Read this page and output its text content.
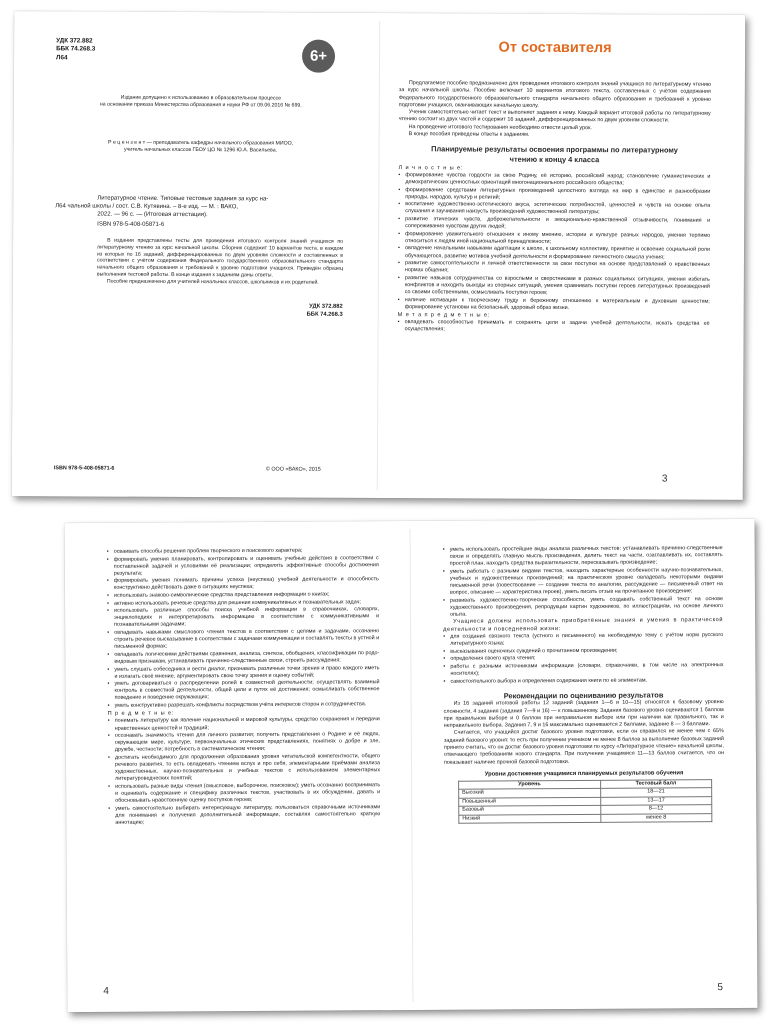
УДК 372.882
ББК 74.268.3
Л64	6+
Издание допущено к использованию в образовательном процессе
на основании приказа Министерства образования и науки РФ от 09.06.2016 № 699.
Р е ц е н з е н т — преподаватель кафедры начального образования МИОО,
учитель начальных классов ГБОУ ЦО № 1296 Ю.А. Васильева.
Литературное чтение. Типовые тестовые задания за курс на-
Л64 чальной школы / сост. С.В. Кутявина. – 8-е изд. — М. : ВАКО,
2022. — 96 с. — (Итоговая аттестация).
ISBN 978-5-408-05871-6
В издании представлены тесты для проведения итогового контроля знаний учащихся по литературному чтению за курс начальной школы. Сборник содержит 10 вариантов теста, в каждом из которых по 16 заданий, дифференцированных по двум уровням сложности и составленных в соответствии с учётом содержания Федерального государственного образовательного стандарта начального общего образования и требований к уровню подготовки учащихся. Приведён образец выполнения тестовой работы. В конце издания к заданиям даны ответы.
Пособие предназначено для учителей начальных классов, школьников и их родителей.
УДК 372.882
ББК 74.268.3
ISBN 978-5-408-05871-6	© ООО «ВАКО», 2015
От составителя
Предлагаемое пособие предназначено для проведения итогового контроля знаний учащихся по литературному чтению за курс начальной школы. Пособие включает 10 вариантов итогового текста, составленных с учётом содержания Федерального государственного образовательного стандарта начального общего образования и требований к уровню подготовки учащихся, оканчивающих начальную школу.
Ученик самостоятельно читает текст и выполняет задания к нему. Каждый вариант итоговой работы по литературному чтению состоит из двух частей и содержит 16 заданий, дифференцированных по двум уровням сложности.
На проведение итогового тестирования необходимо отвести целый урок.
В конце пособия приведены ответы к заданиям.
Планируемые результаты освоения программы по литературному чтению к концу 4 класса
Л и ч н о с т н ы е:
• формирование чувства гордости за свою Родину, её историю, российский народ; становление гуманистических и демократических ценностных ориентаций многонационального российского общества;
• формирование средствами литературных произведений целостного взгляда на мир в единстве и разнообразии природы, народов, культур и религий;
• воспитание художественно-эстетического вкуса, эстетических потребностей, ценностей и чувств на основе опыта слушания и заучивания наизусть произведений художественной литературы;
• развитие этических чувств, доброжелательности и эмоционально-нравственной отзывчивости, понимания и сопереживания чувствам других людей;
• формирование уважительного отношения к иному мнению, истории и культуре разных народов, умения терпимо относиться к людям иной национальной принадлежности;
• овладение начальными навыками адаптации к школе, к школьному коллективу, принятие и освоение социальной роли обучающегося, развитие мотивов учебной деятельности и формирование личностного смысла учения;
• развитие самостоятельности и личной ответственности за свои поступки на основе представлений о нравственных нормах общения;
• развитие навыков сотрудничества со взрослыми и сверстниками в разных социальных ситуациях, умения избегать конфликтов и находить выходы из спорных ситуаций, умения сравнивать поступки героев литературных произведений со своими собственными, осмысливать поступки героев;
• наличие мотивации к творческому труду и бережному отношению к материальным и духовным ценностям; формирование установки на безопасный, здоровый образ жизни.
М е т а п р е д м е т н ы е:
• овладевать способностью принимать и сохранять цели и задачи учебной деятельности, искать средства её осуществления;
3
• осваивать способы решения проблем творческого и поискового характера;
• формировать умения планировать, контролировать и оценивать учебные действия в соответствии с поставленной задачей и условиями её реализации; определять эффективные способы достижения результата;
• формировать умения понимать причины успеха (неуспеха) учебной деятельности и способность конструктивно действовать даже в ситуациях неуспеха;
• использовать знаково-символические средства представления информации о книгах;
• активно использовать речевые средства для решения коммуникативных и познавательных задач;
• использовать различные способы поиска учебной информации в справочниках, словарях, энциклопедиях и интерпретировать информацию в соответствии с коммуникативными и познавательными задачами;
• овладевать навыками смыслового чтения текстов в соответствии с целями и задачами, осознанно строить речевое высказывание в соответствии с задачами коммуникации и составлять тексты в устной и письменной формах;
• овладевать логическими действиями сравнения, анализа, синтеза, обобщения, классификации по родо-видовым признакам, устанавливать причинно-следственные связи, строить рассуждения;
• уметь слушать собеседника и вести диалог, признавать различные точки зрения и право каждого иметь и излагать своё мнение, аргументировать свою точку зрения и оценку событий;
• уметь договариваться о распределении ролей в совместной деятельности; осуществлять взаимный контроль в совместной деятельности, общей цели и путях её достижения; осмысливать собственное поведение и поведение окружающих;
• уметь конструктивно разрешать конфликты посредством учёта интересов сторон и сотрудничества.
П р е д м е т н ы е:
• понимать литературу как явление национальной и мировой культуры, средство сохранения и передачи нравственных ценностей и традиций;
• осознавать значимость чтения для личного развития; получить представления о Родине и её людях, окружающем мире, культуре, первоначальных этических представлениях, понятиях о добре и зле, дружбе, честности; потребность в систематическом чтении;
• достигать необходимого для продолжения образования уровня читательской компетентности, общего речевого развития, то есть овладевать чтением вслух и про себя, элементарными приёмами анализа художественных, научно-познавательных и учебных текстов с использованием элементарных литературоведческих понятий;
• использовать разные виды чтения (смысловое, выборочное, поисковое); уметь осознанно воспринимать и оценивать содержание и специфику различных текстов, участвовать в их обсуждении, давать и обосновывать нравственную оценку поступков героев;
• уметь самостоятельно выбирать интересующую литературу, пользоваться справочными источниками для понимания и получения дополнительной информации, составляя самостоятельно краткую аннотацию;
4
• уметь использовать простейшие виды анализа различных текстов: устанавливать причинно-следственные связи и определять главную мысль произведения, делить текст на части, озаглавливать их, составлять простой план, находить средства выразительности, пересказывать произведение;
• уметь работать с разными видами текстов, находить характерные особенности научно-познавательных, учебных и художественных произведений; на практическом уровне овладевать некоторыми видами письменной речи (повествование — создание текста по аналогии, рассуждение — письменный ответ на вопрос, описание — характеристика героев), уметь писать отзыв на прочитанное произведение;
• развивать художественно-творческие способности, уметь создавать собственный текст на основе художественного произведения, репродукции картин художников, по иллюстрациям, на основе личного опыта.
Учащиеся должны использовать приобретённые знания и умения в практической деятельности и повседневной жизни:
• для создания связного текста (устного и письменного) на необходимую тему с учётом норм русского литературного языка;
• высказывания оценочных суждений о прочитанном произведении;
• определения своего круга чтения;
• работы с разными источниками информации (словари, справочники, в том числе на электронных носителях);
• самостоятельного выбора и определения содержания книги по её элементам.
Рекомендации по оцениванию результатов
Из 16 заданий итоговой работы 12 заданий (задания 1—6 и 10—15) относятся к базовому уровню сложности, 4 задания (задания 7—9 и 16) — к повышенному. Задания базового уровня оцениваются 1 баллом при правильном выборе и 0 баллом при неправильном выборе или при наличии как правильного, так и неправильного выбора. Задания 7, 9 и 16 максимально оцениваются 2 баллами, задание 8 — 3 баллами.
Считается, что учащийся достиг базового уровня подготовки, если он справился не менее чем с 65% заданий базового уровня: то есть при получении учеником не менее 8 баллов за выполнение базовых заданий принято считать, что он достиг базового уровня подготовки по курсу «Литературное чтение» начальной школы, отвечающего требованиям нового стандарта. При получении учащимися 11—13 баллов считается, что он показывает наличие прочной базовой подготовки.
Уровни достижения учащимися планируемых результатов обучения
Уровень	Тестовый балл
Высокий	18—21
Повышенный	13—17
Базовый	8—12
Низкий	менее 8
5
